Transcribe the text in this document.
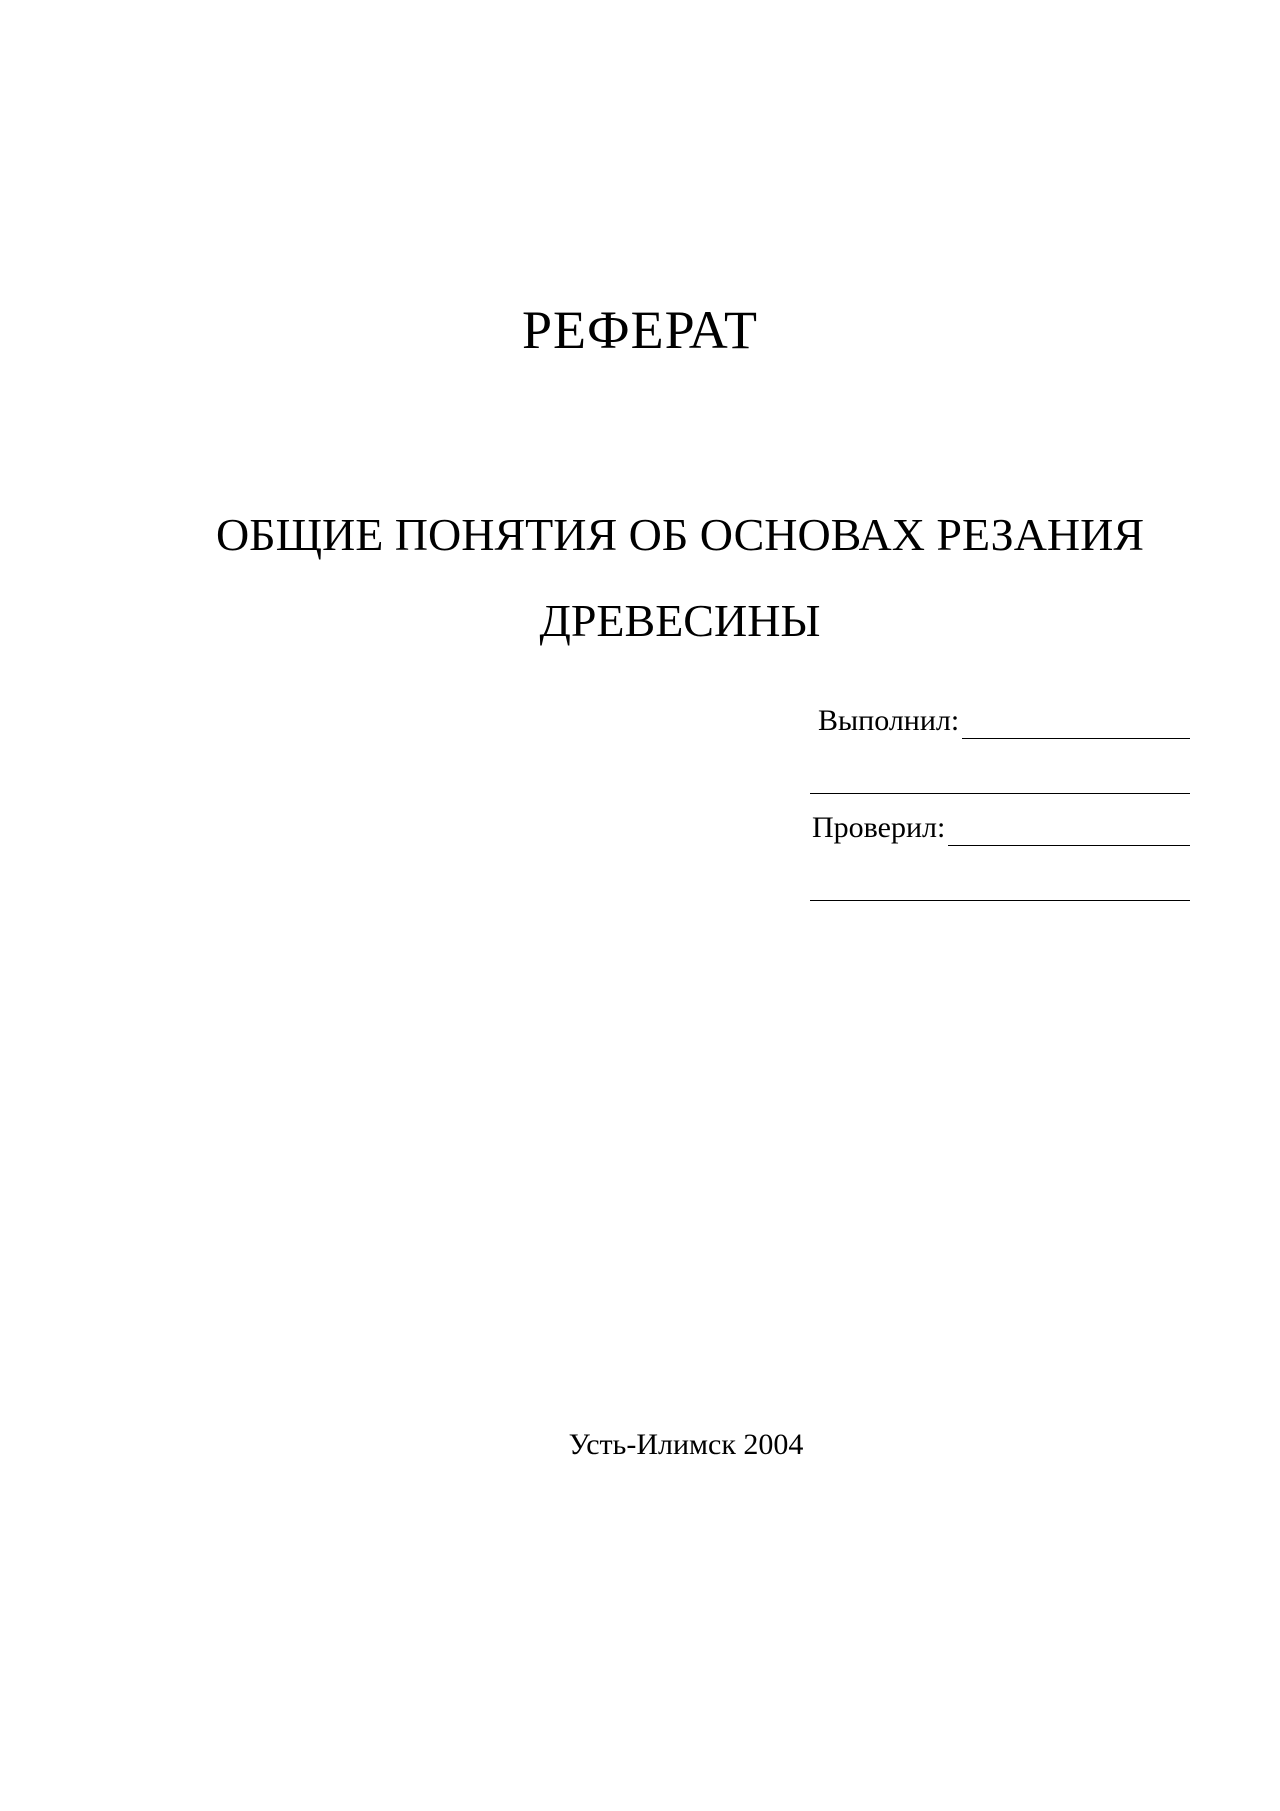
РЕФЕРАТ
ОБЩИЕ ПОНЯТИЯ ОБ ОСНОВАХ РЕЗАНИЯ
ДРЕВЕСИНЫ
Выполнил:
Проверил:
Усть-Илимск 2004
